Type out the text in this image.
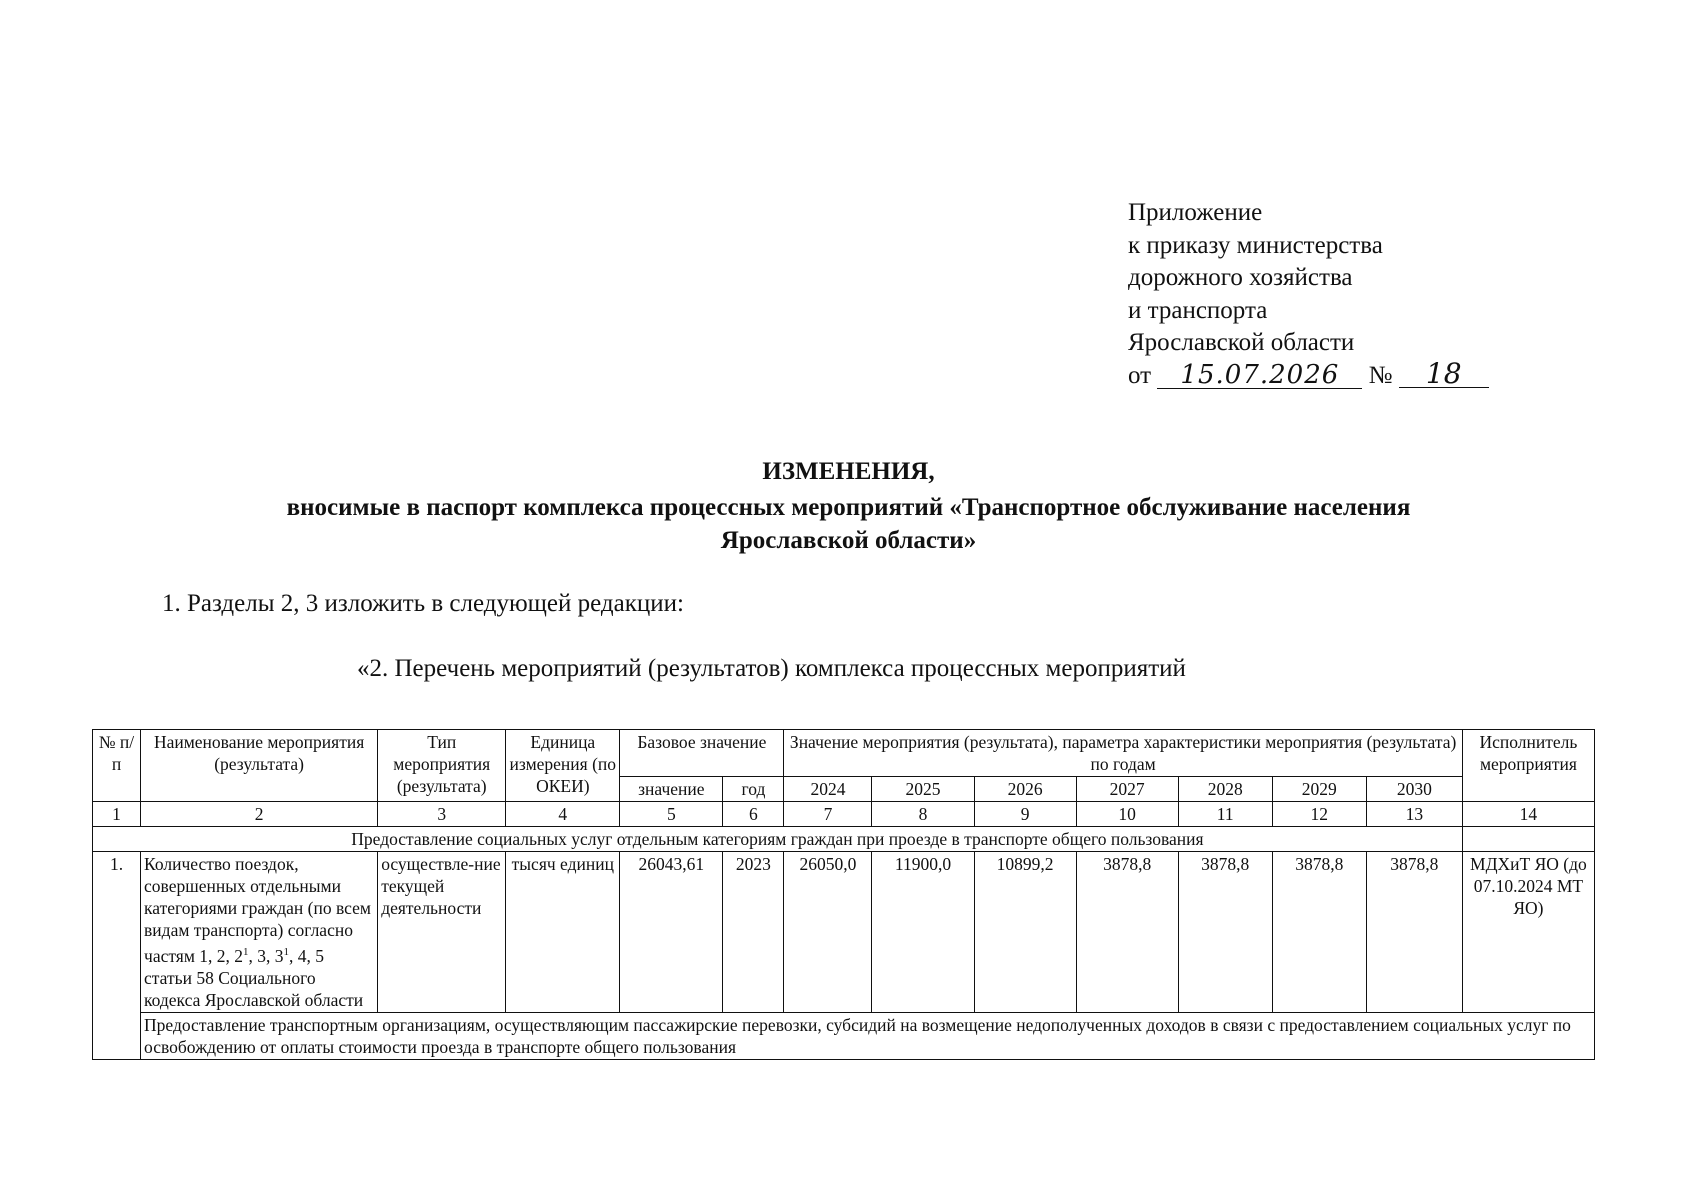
Приложение
к приказу министерства
дорожного хозяйства
и транспорта
Ярославской области
от 15.07.2026 № 18
ИЗМЕНЕНИЯ,
вносимые в паспорт комплекса процессных мероприятий «Транспортное обслуживание населения
Ярославской области»
1. Разделы 2, 3 изложить в следующей редакции:
«2. Перечень мероприятий (результатов) комплекса процессных мероприятий
№ п/п	Наименование мероприятия (результата)	Тип мероприятия (результата)	Единица измерения (по ОКЕИ)	Базовое значение		Значение мероприятия (результата), параметра характеристики мероприятия (результата) по годам							Исполнитель мероприятия
				значение	год	2024	2025	2026	2027	2028	2029	2030	
1	2	3	4	5	6	7	8	9	10	11	12	13	14
Предоставление социальных услуг отдельным категориям граждан при проезде в транспорте общего пользования													
1.	Количество поездок, совершенных отдельными категориями граждан (по всем видам транспорта) согласно частям 1, 2, $2^1$, 3, $3^1$, 4, 5 статьи 58 Социального кодекса Ярославской области	осуществле-ние текущей деятельности	тысяч единиц	26043,61	2023	26050,0	11900,0	10899,2	3878,8	3878,8	3878,8	3878,8	МДХиТ ЯО (до 07.10.2024 МТ ЯО)
	Предоставление транспортным организациям, осуществляющим пассажирские перевозки, субсидий на возмещение недополученных доходов в связи с предоставлением социальных услуг по освобождению от оплаты стоимости проезда в транспорте общего пользования												
